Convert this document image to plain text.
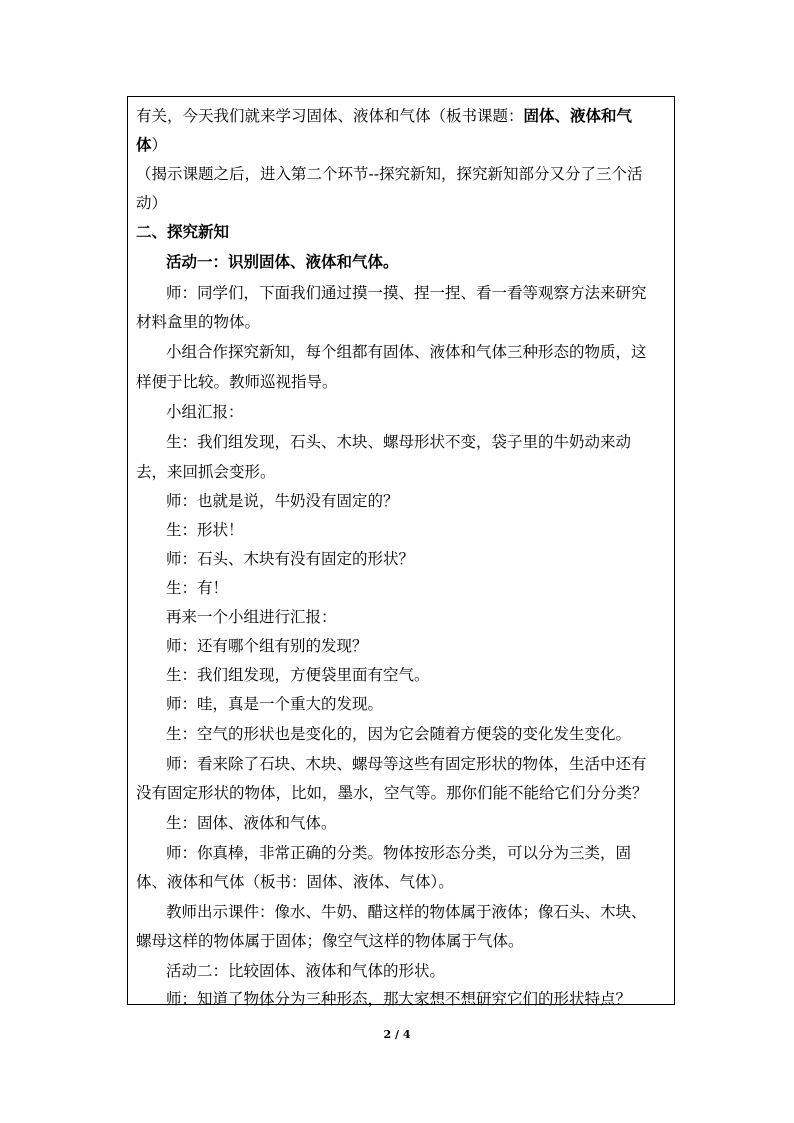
有关，今天我们就来学习固体、液体和气体（板书课题：固体、液体和气
体）
（揭示课题之后，进入第二个环节--探究新知，探究新知部分又分了三个活
动）
二、探究新知
活动一：识别固体、液体和气体。
师：同学们，下面我们通过摸一摸、捏一捏、看一看等观察方法来研究
材料盒里的物体。
小组合作探究新知，每个组都有固体、液体和气体三种形态的物质，这
样便于比较。教师巡视指导。
小组汇报：
生：我们组发现，石头、木块、螺母形状不变，袋子里的牛奶动来动
去，来回抓会变形。
师：也就是说，牛奶没有固定的？
生：形状！
师：石头、木块有没有固定的形状？
生：有！
再来一个小组进行汇报：
师：还有哪个组有别的发现？
生：我们组发现，方便袋里面有空气。
师：哇，真是一个重大的发现。
生：空气的形状也是变化的，因为它会随着方便袋的变化发生变化。
师：看来除了石块、木块、螺母等这些有固定形状的物体，生活中还有
没有固定形状的物体，比如，墨水，空气等。那你们能不能给它们分分类？
生：固体、液体和气体。
师：你真棒，非常正确的分类。物体按形态分类，可以分为三类，固
体、液体和气体（板书：固体、液体、气体）。
教师出示课件：像水、牛奶、醋这样的物体属于液体；像石头、木块、
螺母这样的物体属于固体；像空气这样的物体属于气体。
活动二：比较固体、液体和气体的形状。
师：知道了物体分为三种形态，那大家想不想研究它们的形状特点？
2 / 4
